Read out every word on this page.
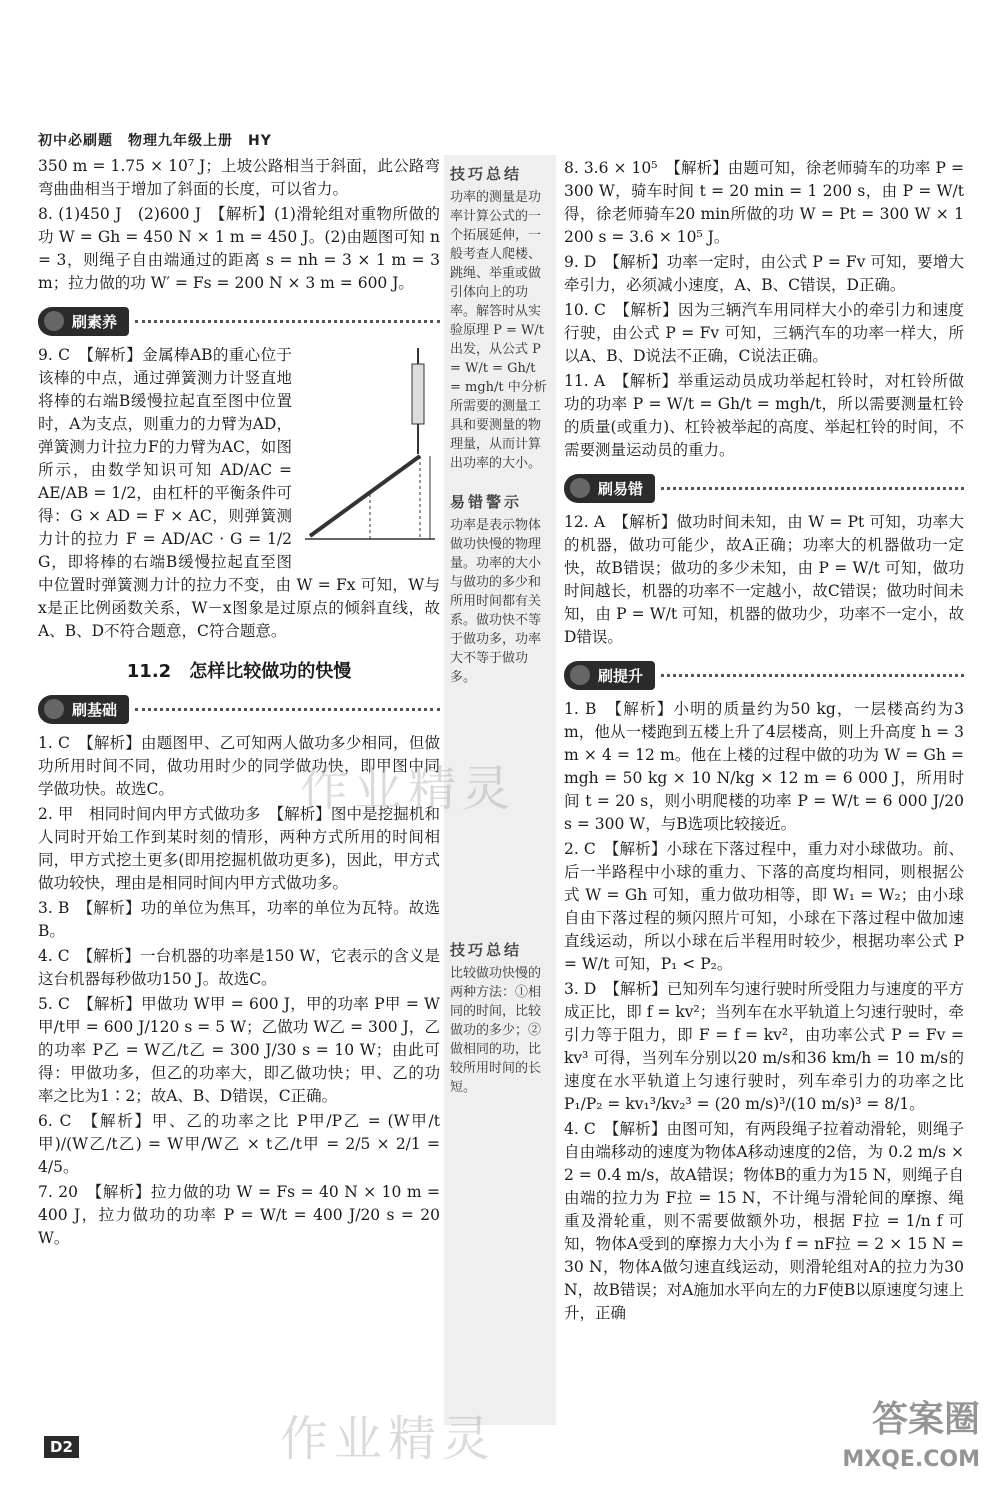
初中必刷题　物理九年级上册　HY

350 m = 1.75 × 10⁷ J；上坡公路相当于斜面，此公路弯弯曲曲相当于增加了斜面的长度，可以省力。

8. (1)450 J　(2)600 J　【解析】(1)滑轮组对重物所做的功 W = Gh = 450 N × 1 m = 450 J。(2)由题图可知 n = 3，则绳子自由端通过的距离 s = nh = 3 × 1 m = 3 m；拉力做的功 W′ = Fs = 200 N × 3 m = 600 J。

刷素养

9. C　【解析】金属棒AB的重心位于该棒的中点，通过弹簧测力计竖直地将棒的右端B缓慢拉起直至图中位置时，A为支点，则重力的力臂为AD，弹簧测力计拉力F的力臂为AC，如图所示，由数学知识可知 AD/AC = AE/AB = 1/2，由杠杆的平衡条件可得：G × AD = F × AC，则弹簧测力计的拉力 F = AD/AC · G = 1/2 G，即将棒的右端B缓慢拉起直至图中位置时弹簧测力计的拉力不变，由 W = Fx 可知，W与x是正比例函数关系，W－x图象是过原点的倾斜直线，故A、B、D不符合题意，C符合题意。

11.2　怎样比较做功的快慢
刷基础

1. C　【解析】由题图甲、乙可知两人做功多少相同，但做功所用时间不同，做功用时少的同学做功快，即甲图中同学做功快。故选C。

2. 甲　相同时间内甲方式做功多　【解析】图中是挖掘机和人同时开始工作到某时刻的情形，两种方式所用的时间相同，甲方式挖土更多(即用挖掘机做功更多)，因此，甲方式做功较快，理由是相同时间内甲方式做功多。

3. B　【解析】功的单位为焦耳，功率的单位为瓦特。故选B。

4. C　【解析】一台机器的功率是150 W，它表示的含义是这台机器每秒做功150 J。故选C。

5. C　【解析】甲做功 W甲 = 600 J，甲的功率 P甲 = W甲/t甲 = 600 J/120 s = 5 W；乙做功 W乙 = 300 J，乙的功率 P乙 = W乙/t乙 = 300 J/30 s = 10 W；由此可得：甲做功多，但乙的功率大，即乙做功快；甲、乙的功率之比为1∶2；故A、B、D错误，C正确。

6. C　【解析】甲、乙的功率之比 P甲/P乙 = (W甲/t甲)/(W乙/t乙) = W甲/W乙 × t乙/t甲 = 2/5 × 2/1 = 4/5。

7. 20　【解析】拉力做的功 W = Fs = 40 N × 10 m = 400 J，拉力做功的功率 P = W/t = 400 J/20 s = 20 W。

技巧总结
功率的测量是功率计算公式的一个拓展延伸，一般考查人爬楼、跳绳、举重或做引体向上的功率。解答时从实验原理 P = W/t 出发，从公式 P = W/t = Gh/t = mgh/t 中分析所需要的测量工具和要测量的物理量，从而计算出功率的大小。
易错警示
功率是表示物体做功快慢的物理量。功率的大小与做功的多少和所用时间都有关系。做功快不等于做功多，功率大不等于做功多。
技巧总结
比较做功快慢的两种方法：①相同的时间，比较做功的多少；②做相同的功，比较所用时间的长短。

8. 3.6 × 10⁵　【解析】由题可知，徐老师骑车的功率 P = 300 W，骑车时间 t = 20 min = 1 200 s，由 P = W/t 得，徐老师骑车20 min所做的功 W = Pt = 300 W × 1 200 s = 3.6 × 10⁵ J。

9. D　【解析】功率一定时，由公式 P = Fv 可知，要增大牵引力，必须减小速度，A、B、C错误，D正确。

10. C　【解析】因为三辆汽车用同样大小的牵引力和速度行驶，由公式 P = Fv 可知，三辆汽车的功率一样大，所以A、B、D说法不正确，C说法正确。

11. A　【解析】举重运动员成功举起杠铃时，对杠铃所做功的功率 P = W/t = Gh/t = mgh/t，所以需要测量杠铃的质量(或重力)、杠铃被举起的高度、举起杠铃的时间，不需要测量运动员的重力。

刷易错

12. A　【解析】做功时间未知，由 W = Pt 可知，功率大的机器，做功可能少，故A正确；功率大的机器做功一定快，故B错误；做功的多少未知，由 P = W/t 可知，做功时间越长，机器的功率不一定越小，故C错误；做功时间未知，由 P = W/t 可知，机器的做功少，功率不一定小，故D错误。

刷提升

1. B　【解析】小明的质量约为50 kg，一层楼高约为3 m，他从一楼跑到五楼上升了4层楼高，则上升高度 h = 3 m × 4 = 12 m。他在上楼的过程中做的功为 W = Gh = mgh = 50 kg × 10 N/kg × 12 m = 6 000 J，所用时间 t = 20 s，则小明爬楼的功率 P = W/t = 6 000 J/20 s = 300 W，与B选项比较接近。

2. C　【解析】小球在下落过程中，重力对小球做功。前、后一半路程中小球的重力、下落的高度均相同，则根据公式 W = Gh 可知，重力做功相等，即 W₁ = W₂；由小球自由下落过程的频闪照片可知，小球在下落过程中做加速直线运动，所以小球在后半程用时较少，根据功率公式 P = W/t 可知，P₁ < P₂。

3. D　【解析】已知列车匀速行驶时所受阻力与速度的平方成正比，即 f = kv²；当列车在水平轨道上匀速行驶时，牵引力等于阻力，即 F = f = kv²，由功率公式 P = Fv = kv³ 可得，当列车分别以20 m/s和36 km/h = 10 m/s的速度在水平轨道上匀速行驶时，列车牵引力的功率之比 P₁/P₂ = kv₁³/kv₂³ = (20 m/s)³/(10 m/s)³ = 8/1。

4. C　【解析】由图可知，有两段绳子拉着动滑轮，则绳子自由端移动的速度为物体A移动速度的2倍，为 0.2 m/s × 2 = 0.4 m/s，故A错误；物体B的重力为15 N，则绳子自由端的拉力为 F拉 = 15 N，不计绳与滑轮间的摩擦、绳重及滑轮重，则不需要做额外功，根据 F拉 = 1/n f 可知，物体A受到的摩擦力大小为 f = nF拉 = 2 × 15 N = 30 N，物体A做匀速直线运动，则滑轮组对A的拉力为30 N，故B错误；对A施加水平向左的力F使B以原速度匀速上升，正确

作业精灵
作业精灵
D2
答案圈
MXQE.COM
